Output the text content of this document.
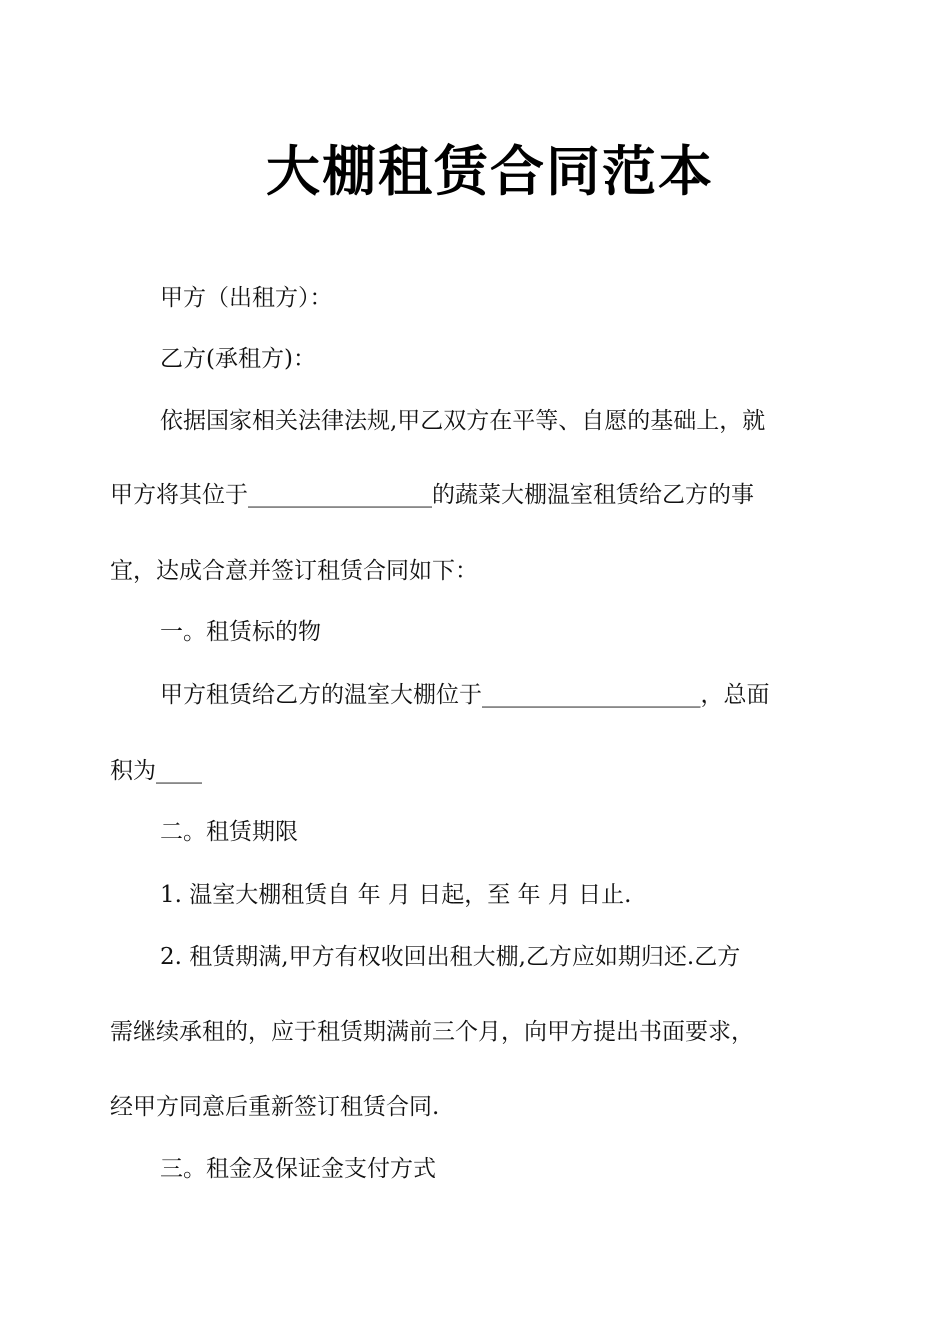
大棚租赁合同范本
甲方（出租方）：
乙方(承租方)：
依据国家相关法律法规,甲乙双方在平等、自愿的基础上，就
甲方将其位于________________的蔬菜大棚温室租赁给乙方的事
宜，达成合意并签订租赁合同如下：
一。租赁标的物
甲方租赁给乙方的温室大棚位于___________________，总面
积为____
二。租赁期限
1. 温室大棚租赁自 年 月 日起，至 年 月 日止.
2. 租赁期满,甲方有权收回出租大棚,乙方应如期归还.乙方
需继续承租的，应于租赁期满前三个月，向甲方提出书面要求，
经甲方同意后重新签订租赁合同.
三。租金及保证金支付方式
